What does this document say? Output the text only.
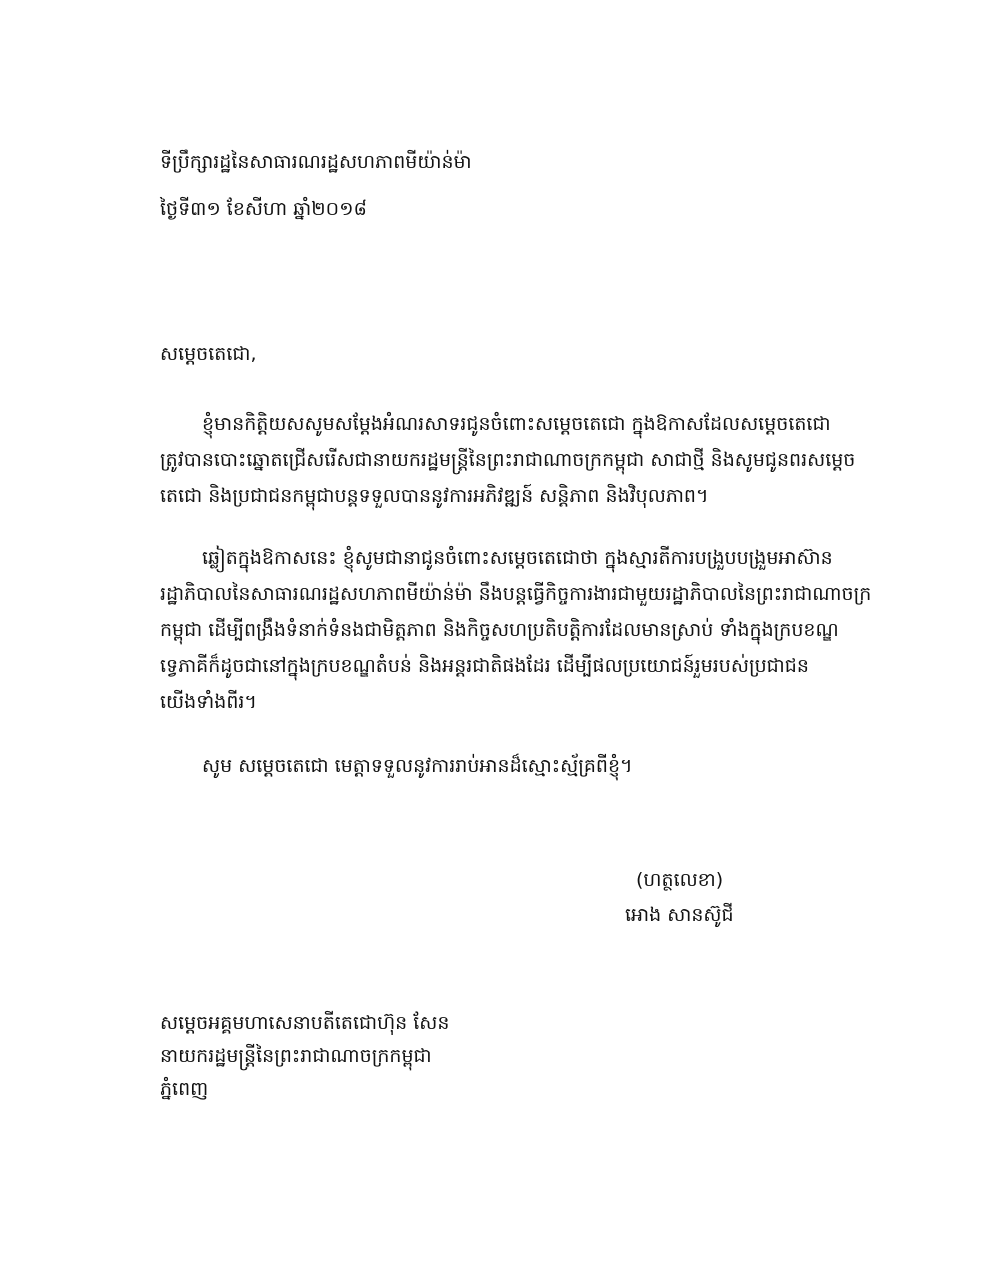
ទីប្រឹក្សារដ្ឋនៃសាធារណរដ្ឋសហភាពមីយ៉ាន់ម៉ា
ថ្ងៃទី៣១ ខែសីហា ឆ្នាំ២០១៨
សម្តេចតេជោ,
ខ្ញុំមានកិត្តិយសសូមសម្ដែងអំណរសាទរជូនចំពោះសម្ដេចតេជោ ក្នុងឱកាសដែលសម្តេចតេជោ
ត្រូវបានបោះឆ្នោតជ្រើសរើសជានាយករដ្ឋមន្ត្រីនៃព្រះរាជាណាចក្រកម្ពុជា សាជាថ្មី និងសូមជូនពរសម្តេច
តេជោ និងប្រជាជនកម្ពុជាបន្តទទួលបាននូវការអភិវឌ្ឍន៍ សន្តិភាព និងវិបុលភាព។
ឆ្លៀតក្នុងឱកាសនេះ ខ្ញុំសូមជានាជូនចំពោះសម្តេចតេជោថា ក្នុងស្មារតីការបង្រួបបង្រួមអាស៊ាន
រដ្ឋាភិបាលនៃសាធារណរដ្ឋសហភាពមីយ៉ាន់ម៉ា នឹងបន្តធ្វើកិច្ចការងារជាមួយរដ្ឋាភិបាលនៃព្រះរាជាណាចក្រ
កម្ពុជា ដើម្បីពង្រឹងទំនាក់ទំនងជាមិត្តភាព និងកិច្ចសហប្រតិបត្តិការដែលមានស្រាប់ ទាំងក្នុងក្របខណ្ឌ
ទ្វេភាគីក៏ដូចជានៅក្នុងក្របខណ្ឌតំបន់ និងអន្តរជាតិផងដែរ ដើម្បីផលប្រយោជន៍រួមរបស់ប្រជាជន
យើងទាំងពីរ។
សូម សម្ដេចតេជោ មេត្តាទទួលនូវការរាប់អានដ៏ស្មោះស្ម័គ្រពីខ្ញុំ។
(ហត្ថលេខា)
អោង សានស៊ូជី
សម្តេចអគ្គមហាសេនាបតីតេជោហ៊ុន សែន
នាយករដ្ឋមន្ត្រីនៃព្រះរាជាណាចក្រកម្ពុជា
ភ្នំពេញ
